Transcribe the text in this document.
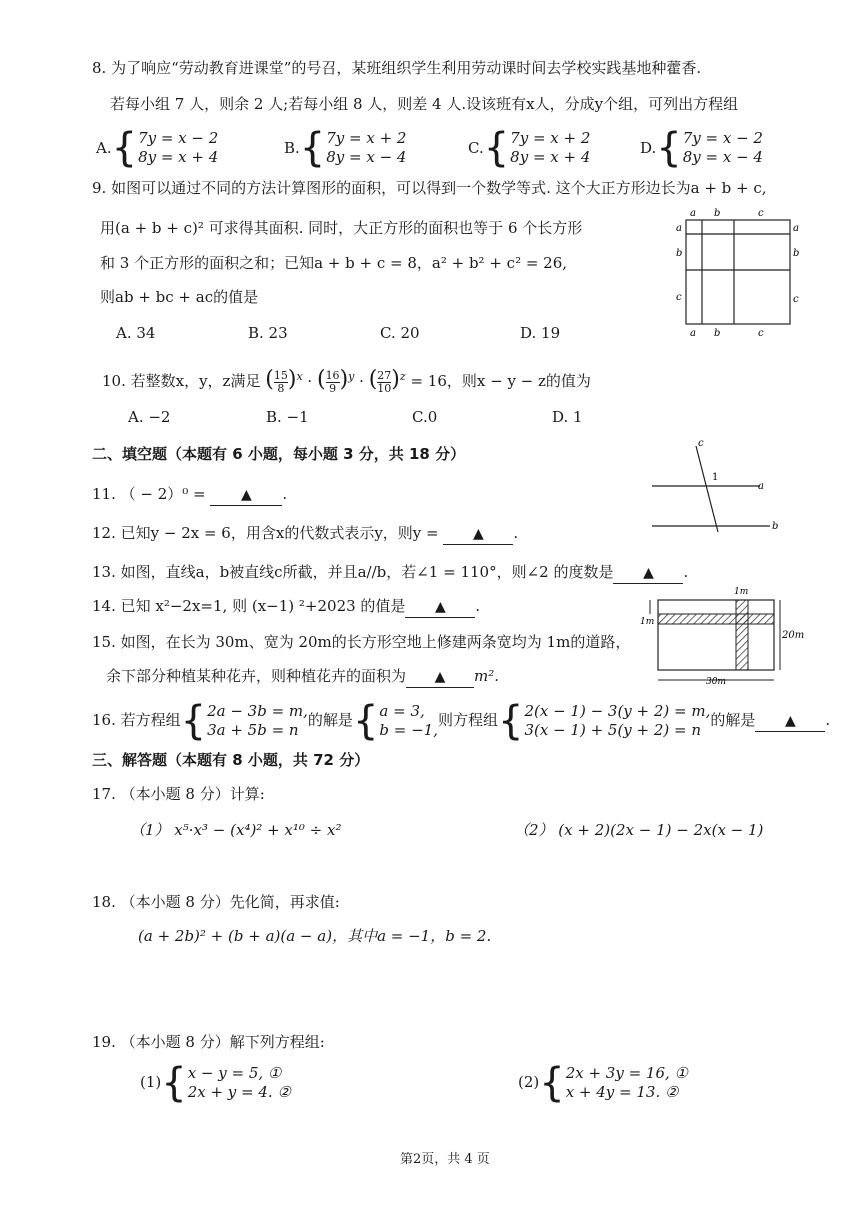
8. 为了响应“劳动教育进课堂”的号召，某班组织学生利用劳动课时间去学校实践基地种藿香.
若每小组 7 人，则余 2 人;若每小组 8 人，则差 4 人.设该班有x人，分成y个组，可列出方程组
A. { 7y = x − 2
8y = x + 4	B. { 7y = x + 2
8y = x − 4	C. { 7y = x + 2
8y = x + 4	D. { 7y = x − 2
8y = x − 4
9. 如图可以通过不同的方法计算图形的面积，可以得到一个数学等式. 这个大正方形边长为a + b + c,
用(a + b + c)² 可求得其面积. 同时，大正方形的面积也等于 6 个长方形
和 3 个正方形的面积之和；已知a + b + c = 8，a² + b² + c² = 26,
则ab + bc + ac的值是
A. 34	B. 23	C. 20	D. 19
a b	c
a
b
c
a
b
c
a b	c
10. 若整数x，y，z满足 ( $\frac{15}{8} )^x$ · ( $\frac{16}{9} )^y$ · ( $\frac{27}{10} )^z = 16$，则x − y − z的值为
A. −2	B. −1	C.0	D. 1
二、填空题（本题有 6 小题，每小题 3 分，共 18 分）
c
1
a
b
11. （ − 2）⁰ = ▲ .
12. 已知y − 2x = 6，用含x的代数式表示y，则y = ▲ .
13. 如图，直线a，b被直线c所截，并且a//b，若∠1 = 110°，则∠2 的度数是 ▲ .
14. 已知 x²−2x=1, 则 (x−1) ²+2023 的值是 ▲ .
1m
1m
20m
30m
15. 如图，在长为 30m、宽为 20m的长方形空地上修建两条宽均为 1m的道路，
余下部分种植某种花卉，则种植花卉的面积为 ▲ m².
16. 若方程组 { 2a − 3b = m,
3a + 5b = n
的解是 { a = 3,
b = −1,
则方程组 { 2(x − 1) − 3(y + 2) = m,
3(x − 1) + 5(y + 2) = n
的解是 ▲ .
三、解答题（本题有 8 小题，共 72 分）
17. （本小题 8 分）计算:
（1） x⁵·x³ − (x⁴)² + x¹⁰ ÷ x²	（2） (x + 2)(2x − 1) − 2x(x − 1)
18. （本小题 8 分）先化简，再求值:
(a + 2b)² + (b + a)(a − a)，其中a = −1，b = 2.
19. （本小题 8 分）解下列方程组:
(1) { x − y = 5, ①
2x + y = 4. ②
(2) { 2x + 3y = 16, ①
x + 4y = 13. ②
第2页，共 4 页
